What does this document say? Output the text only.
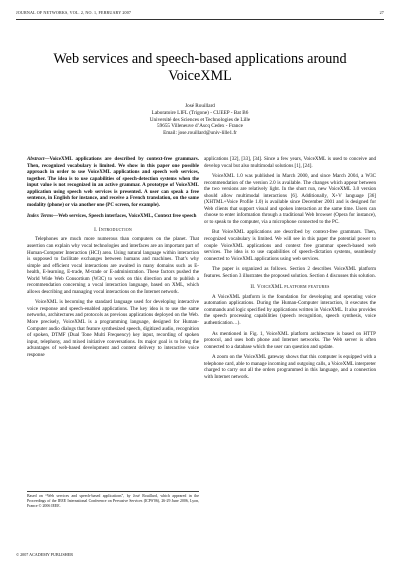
JOURNAL OF NETWORKS, VOL. 2, NO. 1, FEBRUARY 2007	27
Web services and speech-based applications around VoiceXML
José Rouillard
Laboratoire LIFL (Trigone) - CUEEP - Bat B6
Université des Sciences et Technologies de Lille
59655 Villeneuve d’Ascq Cedex - France
Email: jose.rouillard@univ-lille1.fr
Abstract—VoiceXML applications are described by context-free grammars. Then, recognized vocabulary is limited. We show in this paper one possible approach in order to use VoiceXML applications and speech web services, together. The idea is to use capabilities of speech-detection systems when the input value is not recognized in an active grammar. A prototype of VoiceXML application using speech web services is presented. A user can speak a free sentence, in English for instance, and receive a French translation, on the same modality (phone) or via another one (PC screen, for example).
Index Terms—Web services, Speech interfaces, VoiceXML, Context free speech
I. Introduction

Telephones are much more numerous than computers on the planet. That assertion can explain why vocal technologies and interfaces are an important part of Human-Computer Interaction (HCI) area. Using natural language within interaction is supposed to facilitate exchanges between humans and machines. That’s why simple and efficient vocal interactions are awaited in many domains such as E-health, E-learning, E-trade, M-trade or E-administration. These factors pushed the World Wide Web Consortium (W3C) to work on this direction and to publish a recommendation concerning a vocal interaction language, based on XML, which allows describing and managing vocal interactions on the Internet network.

VoiceXML is becoming the standard language used for developing interactive voice response and speech-enabled applications. The key idea is to use the same networks, architectures and protocols as previous applications deployed on the Web. More precisely, VoiceXML is a programming language, designed for Human-Computer audio dialogs that feature synthesized speech, digitized audio, recognition of spoken, DTMF (Dual Tone Multi Frequency) key input, recording of spoken input, telephony, and mixed initiative conversations. Its major goal is to bring the advantages of web-based development and content delivery to interactive voice response

applications [32], [33], [34]. Since a few years, VoiceXML is used to conceive and develop vocal but also multimodal solutions [1], [24].

VoiceXML 1.0 was published in March 2000, and since March 2004, a W3C recommendation of the version 2.0 is available. The changes which appear between the two versions are relatively light. In the short run, new VoiceXML 3.0 version should allow multimodal interactions [6]. Additionally, X+V language [36] (XHTML+Voice Profile 1.0) is available since December 2001 and is designed for Web clients that support visual and spoken interaction at the same time. Users can choose to enter information through a traditional Web browser (Opera for instance), or to speak to the computer, via a microphone connected to the PC.

But VoiceXML applications are described by context-free grammars. Then, recognized vocabulary is limited. We will see in this paper the potential power to couple VoiceXML applications and context free grammar speech-based web services. The idea is to use capabilities of speech-dictation systems, seamlessly connected to VoiceXML applications using web services.

The paper is organized as follows. Section 2 describes VoiceXML platform features. Section 3 illustrates the proposed solution. Section 4 discusses this solution.

II. VoiceXML platform features

A VoiceXML platform is the foundation for developing and operating voice automation applications. During the Human-Computer interaction, it executes the commands and logic specified by applications written in VoiceXML. It also provides the speech processing capabilities (speech recognition, speech synthesis, voice authentication…).

As mentioned in Fig. 1, VoiceXML platform architecture is based on HTTP protocol, and uses both phone and Internet networks. The Web server is often connected to a database which the user can question and update.

A zoom on the VoiceXML gateway shows that this computer is equipped with a telephone card, able to manage incoming and outgoing calls, a VoiceXML interpreter charged to carry out all the orders programmed in this language, and a connection with Internet network.

Based on “Web services and speech-based applications”, by José Rouillard, which appeared in the Proceedings of the IEEE International Conference on Pervasive Services (ICPS'06), 26-29 June 2006, Lyon, France © 2006 IEEE.
© 2007 ACADEMY PUBLISHER
